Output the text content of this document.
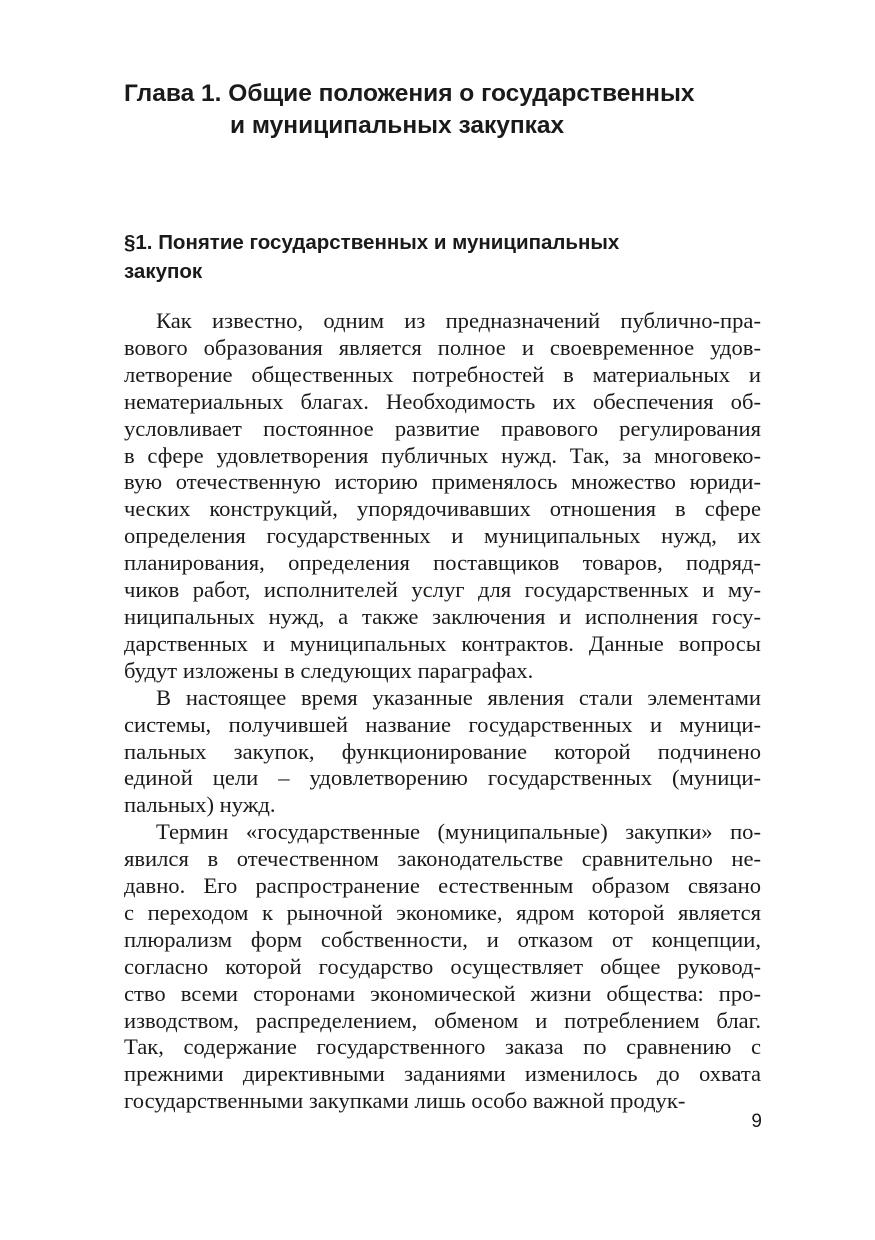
Глава 1. Общие положения о государственных
и муниципальных закупках
§1. Понятие государственных и муниципальных
закупок

Как известно, одним из предназначений публично-пра-
вового образования является полное и своевременное удов-
летворение общественных потребностей в материальных и
нематериальных благах. Необходимость их обеспечения об-
условливает постоянное развитие правового регулирования
в сфере удовлетворения публичных нужд. Так, за многовеко-
вую отечественную историю применялось множество юриди-
ческих конструкций, упорядочивавших отношения в сфере
определения государственных и муниципальных нужд, их
планирования, определения поставщиков товаров, подряд-
чиков работ, исполнителей услуг для государственных и му-
ниципальных нужд, а также заключения и исполнения госу-
дарственных и муниципальных контрактов. Данные вопросы
будут изложены в следующих параграфах.

В настоящее время указанные явления стали элементами
системы, получившей название государственных и муници-
пальных закупок, функционирование которой подчинено
единой цели – удовлетворению государственных (муници-
пальных) нужд.

Термин «государственные (муниципальные) закупки» по-
явился в отечественном законодательстве сравнительно не-
давно. Его распространение естественным образом связано
с переходом к рыночной экономике, ядром которой является
плюрализм форм собственности, и отказом от концепции,
согласно которой государство осуществляет общее руковод-
ство всеми сторонами экономической жизни общества: про-
изводством, распределением, обменом и потреблением благ.
Так, содержание государственного заказа по сравнению с
прежними директивными заданиями изменилось до охвата
государственными закупками лишь особо важной продук-

9
